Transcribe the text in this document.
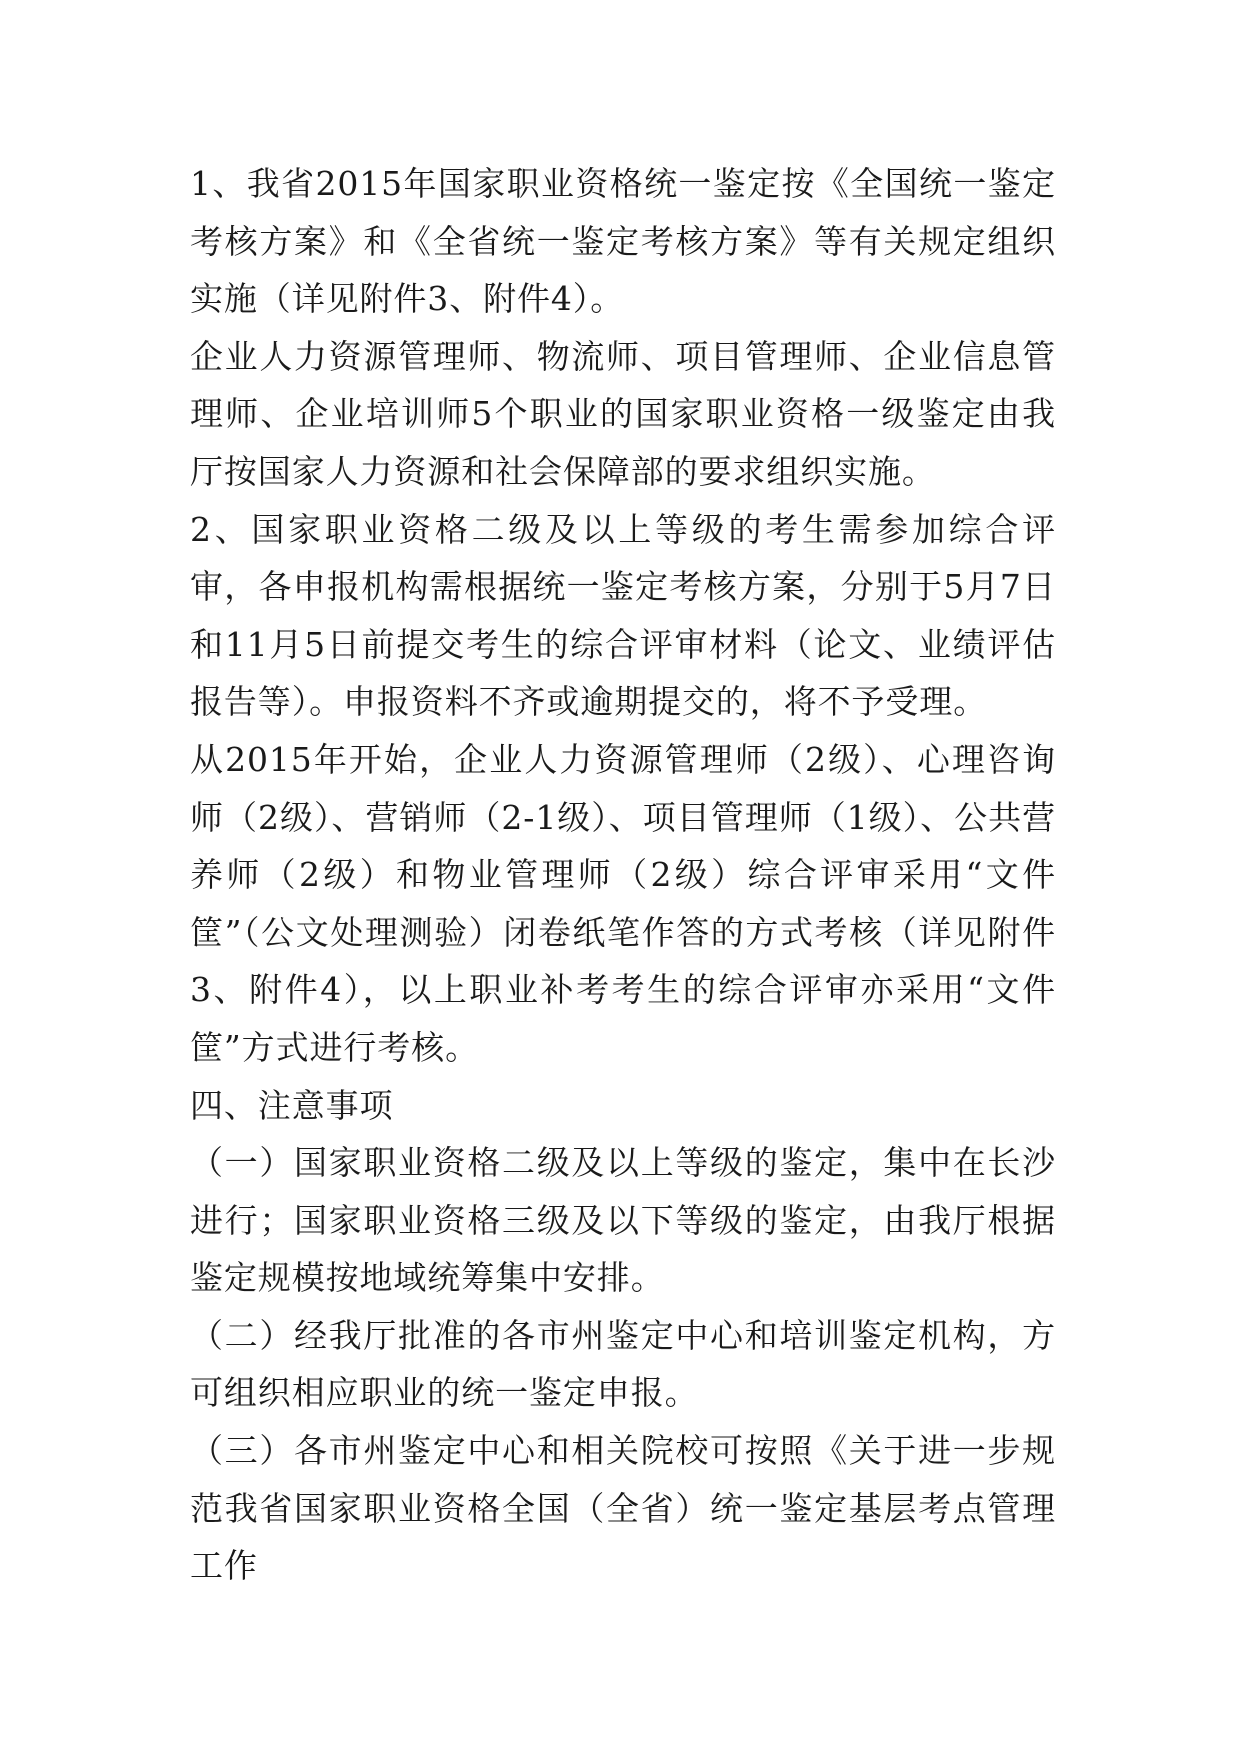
1、我省2015年国家职业资格统一鉴定按《全国统一鉴定考核方案》和《全省统一鉴定考核方案》等有关规定组织实施（详见附件3、附件4）。

企业人力资源管理师、物流师、项目管理师、企业信息管理师、企业培训师5个职业的国家职业资格一级鉴定由我厅按国家人力资源和社会保障部的要求组织实施。

2、国家职业资格二级及以上等级的考生需参加综合评审，各申报机构需根据统一鉴定考核方案，分别于5月7日和11月5日前提交考生的综合评审材料（论文、业绩评估报告等）。申报资料不齐或逾期提交的，将不予受理。

从2015年开始，企业人力资源管理师（2级）、心理咨询师（2级）、营销师（2-1级）、项目管理师（1级）、公共营养师（2级）和物业管理师（2级）综合评审采用“文件筐”（公文处理测验）闭卷纸笔作答的方式考核（详见附件3、附件4），以上职业补考考生的综合评审亦采用“文件筐”方式进行考核。

四、注意事项

（一）国家职业资格二级及以上等级的鉴定，集中在长沙进行；国家职业资格三级及以下等级的鉴定，由我厅根据鉴定规模按地域统筹集中安排。

（二）经我厅批准的各市州鉴定中心和培训鉴定机构，方可组织相应职业的统一鉴定申报。

（三）各市州鉴定中心和相关院校可按照《关于进一步规范我省国家职业资格全国（全省）统一鉴定基层考点管理工作
